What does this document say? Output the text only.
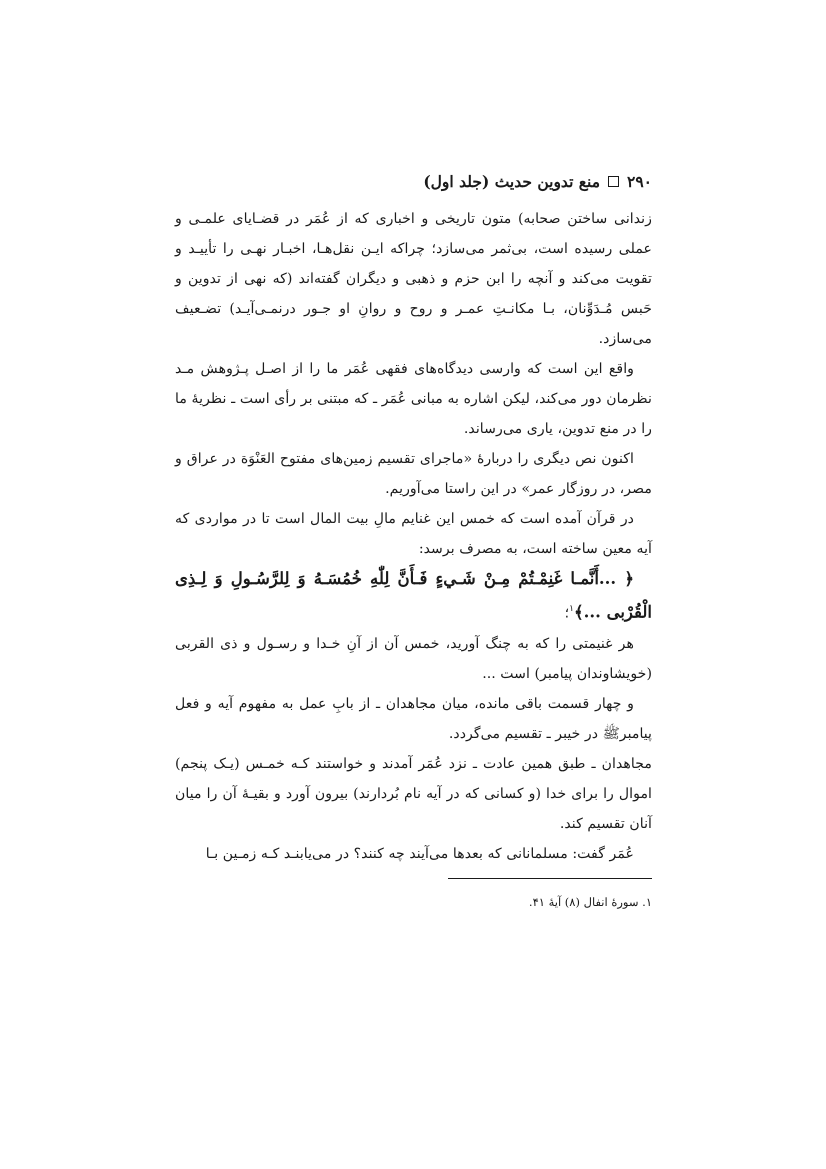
۲۹۰
منع تدوین حدیث (جلد اول)

زندانی ساختن صحابه) متون تاریخی و اخباری که از عُمَر در قضـایای علمـی و عملی رسیده است، بی‌ثمر می‌سازد؛ چراکه ایـن نقل‌هـا، اخبـار نهـی را تأییـد و تقویت می‌کند و آنچه را ابن حزم و ذهبی و دیگران گفته‌اند (که نهی از تدوین و حَبس مُـدَوِّنان، بـا مکانـتِ عمـر و روح و روانِ او جـور درنمـی‌آیـد) تضـعیف می‌سازد.

واقع این است که وارسی دیدگاه‌های فقهی عُمَر ما را از اصـل پـژوهش مـد نظرمان دور می‌کند، لیکن اشاره به مبانی عُمَر ـ که مبتنی بر رأی است ـ نظریهٔ ما را در منع تدوین، یاری می‌رساند.

اکنون نص دیگری را دربارهٔ «ماجرای تقسیم زمین‌های مفتوح العَنْوَة در عراق و مصر، در روزگار عمر» در این راستا می‌آوریم.

در قرآن آمده است که خمس این غنایم مالِ بیت المال است تا در مواردی که آیه معین ساخته است، به مصرف برسد:

﴿ ...أَنَّمـا غَنِمْـتُمْ مِـنْ شَـيءٍ فَـأَنَّ لِلّٰهِ خُمُسَـهُ وَ لِلرَّسُـولِ وَ لِـذِی الْقُرْبی ...﴾$^۱$؛

هر غنیمتی را که به چنگ آورید، خمس آن از آنِ خـدا و رسـول و ذی القربی (خویشاوندان پیامبر) است ...

و چهار قسمت باقی مانده، میان مجاهدان ـ از بابِ عمل به مفهوم آیه و فعل پیامبرﷺ در خیبر ـ تقسیم می‌گردد.

مجاهدان ـ طبق همین عادت ـ نزد عُمَر آمدند و خواستند کـه خمـس (یـک پنجم) اموال را برای خدا (و کسانی که در آیه نام بُردارند) بیرون آورد و بقیـهٔ آن را میان آنان تقسیم کند.

عُمَر گفت: مسلمانانی که بعدها می‌آیند چه کنند؟ در می‌یابنـد کـه زمـین بـا

۱. سورهٔ انفال (۸) آیهٔ ۴۱.
